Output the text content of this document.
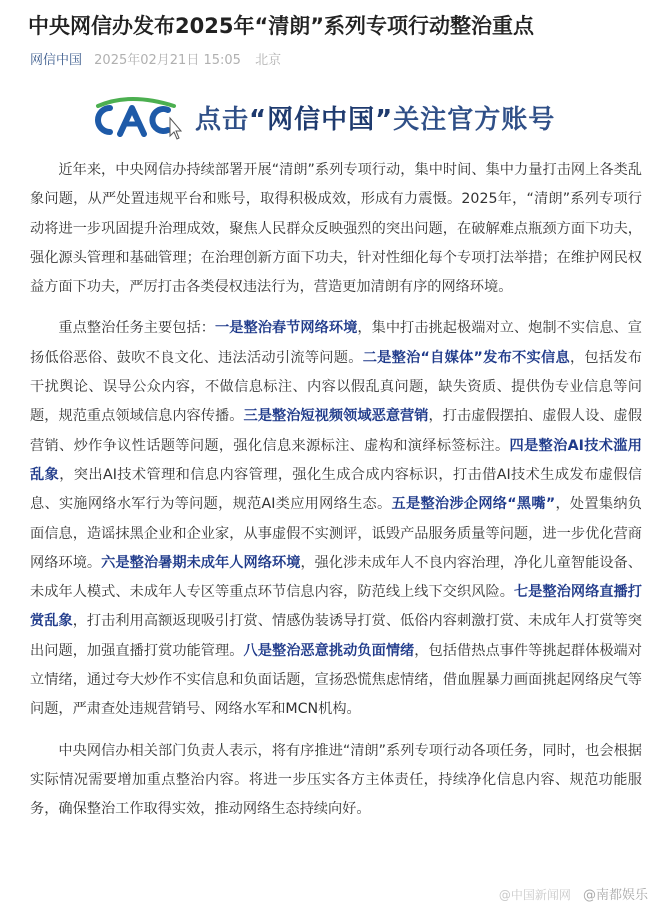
中央网信办发布2025年“清朗”系列专项行动整治重点
网信中国 2025年02月21日 15:05 北京
点击“网信中国”关注官方账号

近年来，中央网信办持续部署开展“清朗”系列专项行动，集中时间、集中力量打击网上各类乱象问题，从严处置违规平台和账号，取得积极成效，形成有力震慑。2025年，“清朗”系列专项行动将进一步巩固提升治理成效，聚焦人民群众反映强烈的突出问题，在破解难点瓶颈方面下功夫，强化源头管理和基础管理；在治理创新方面下功夫，针对性细化每个专项打法举措；在维护网民权益方面下功夫，严厉打击各类侵权违法行为，营造更加清朗有序的网络环境。

重点整治任务主要包括：一是整治春节网络环境，集中打击挑起极端对立、炮制不实信息、宣扬低俗恶俗、鼓吹不良文化、违法活动引流等问题。二是整治“自媒体”发布不实信息，包括发布干扰舆论、误导公众内容，不做信息标注、内容以假乱真问题，缺失资质、提供伪专业信息等问题，规范重点领域信息内容传播。三是整治短视频领域恶意营销，打击虚假摆拍、虚假人设、虚假营销、炒作争议性话题等问题，强化信息来源标注、虚构和演绎标签标注。四是整治AI技术滥用乱象，突出AI技术管理和信息内容管理，强化生成合成内容标识，打击借AI技术生成发布虚假信息、实施网络水军行为等问题，规范AI类应用网络生态。五是整治涉企网络“黑嘴”，处置集纳负面信息，造谣抹黑企业和企业家，从事虚假不实测评，诋毁产品服务质量等问题，进一步优化营商网络环境。六是整治暑期未成年人网络环境，强化涉未成年人不良内容治理，净化儿童智能设备、未成年人模式、未成年人专区等重点环节信息内容，防范线上线下交织风险。七是整治网络直播打赏乱象，打击利用高额返现吸引打赏、情感伪装诱导打赏、低俗内容刺激打赏、未成年人打赏等突出问题，加强直播打赏功能管理。八是整治恶意挑动负面情绪，包括借热点事件等挑起群体极端对立情绪，通过夸大炒作不实信息和负面话题，宣扬恐慌焦虑情绪，借血腥暴力画面挑起网络戾气等问题，严肃查处违规营销号、网络水军和MCN机构。

中央网信办相关部门负责人表示，将有序推进“清朗”系列专项行动各项任务，同时，也会根据实际情况需要增加重点整治内容。将进一步压实各方主体责任，持续净化信息内容、规范功能服务，确保整治工作取得实效，推动网络生态持续向好。

@中国新闻网 @南都娱乐
